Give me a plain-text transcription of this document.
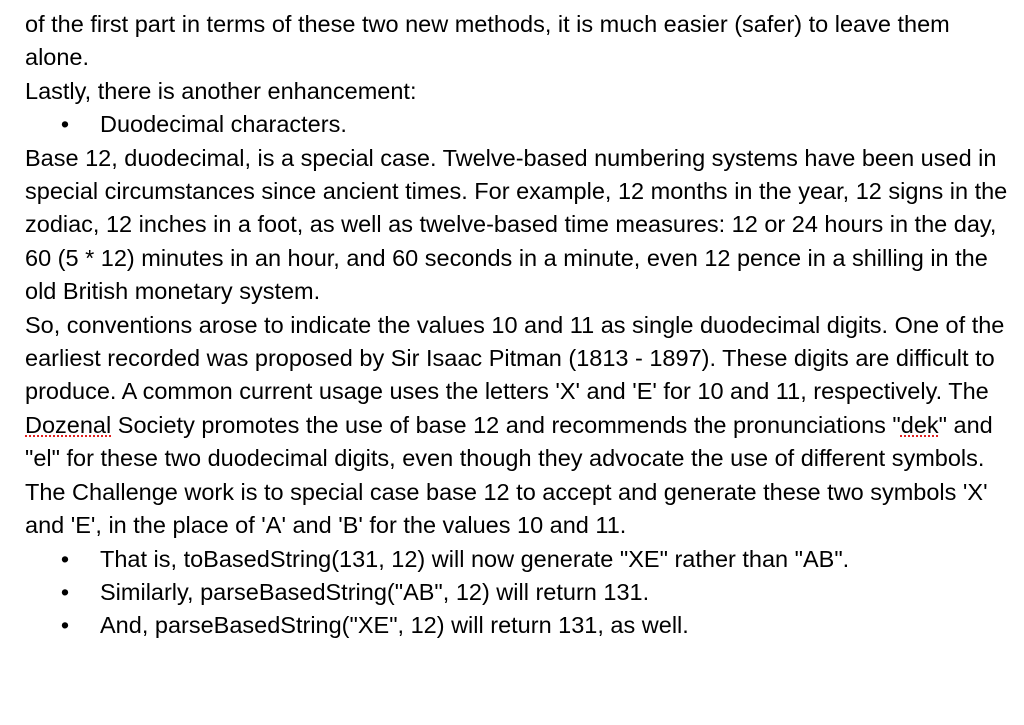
of the first part in terms of these two new methods, it is much easier (safer) to leave them alone.

Lastly, there is another enhancement:

• Duodecimal characters.

Base 12, duodecimal, is a special case. Twelve-based numbering systems have been used in special circumstances since ancient times. For example, 12 months in the year, 12 signs in the zodiac, 12 inches in a foot, as well as twelve-based time measures: 12 or 24 hours in the day, 60 (5 * 12) minutes in an hour, and 60 seconds in a minute, even 12 pence in a shilling in the old British monetary system.

So, conventions arose to indicate the values 10 and 11 as single duodecimal digits. One of the earliest recorded was proposed by Sir Isaac Pitman (1813 - 1897). These digits are difficult to produce. A common current usage uses the letters 'X' and 'E' for 10 and 11, respectively. The Dozenal Society promotes the use of base 12 and recommends the pronunciations "dek" and "el" for these two duodecimal digits, even though they advocate the use of different symbols.

The Challenge work is to special case base 12 to accept and generate these two symbols 'X' and 'E', in the place of 'A' and 'B' for the values 10 and 11.

• That is, toBasedString(131, 12) will now generate "XE" rather than "AB".
• Similarly, parseBasedString("AB", 12) will return 131.
• And, parseBasedString("XE", 12) will return 131, as well.
